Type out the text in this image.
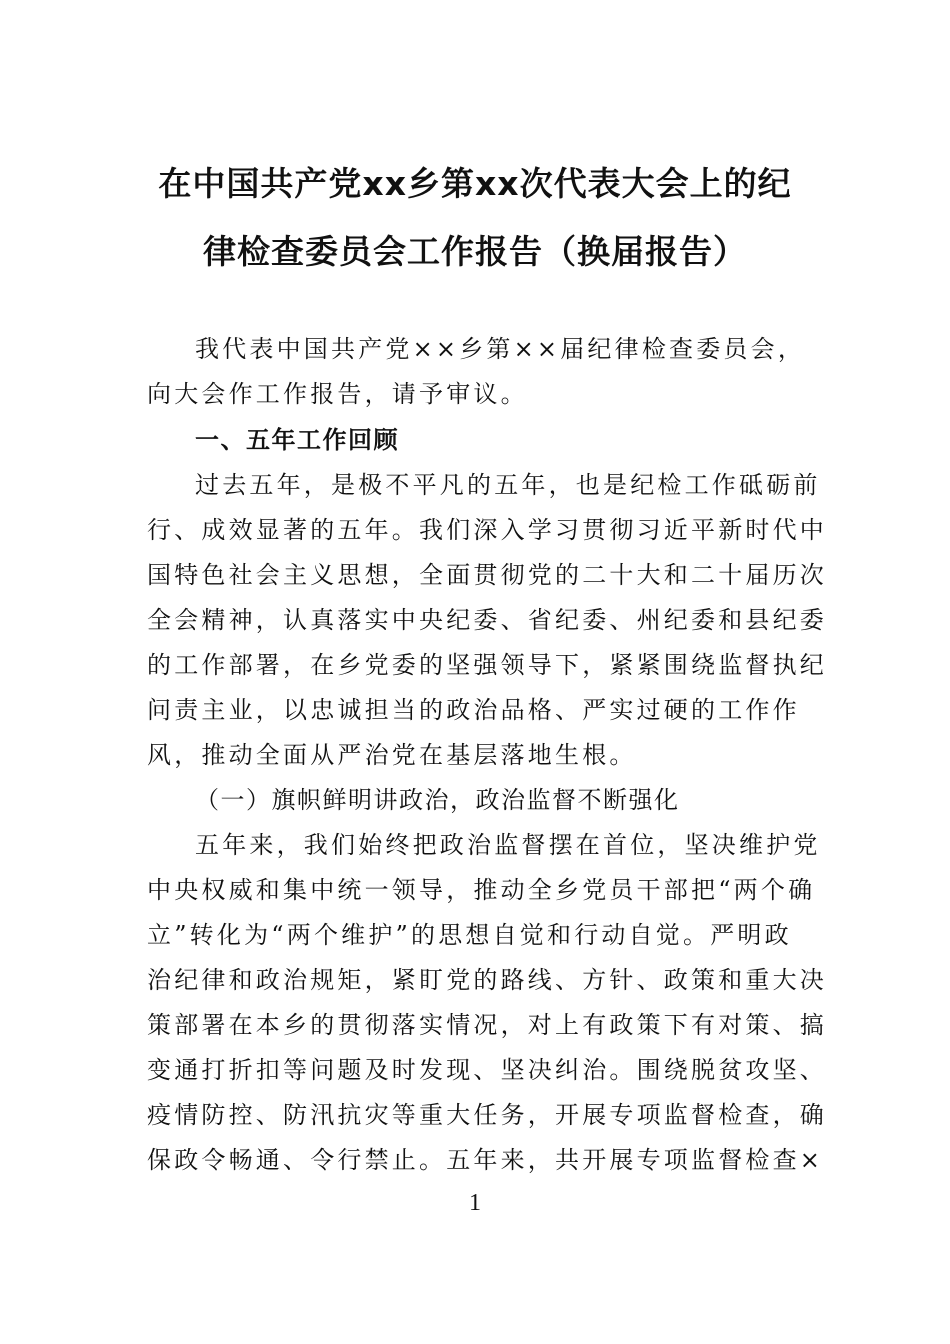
在中国共产党xx乡第xx次代表大会上的纪
律检查委员会工作报告（换届报告）
我代表中国共产党××乡第××届纪律检查委员会，
向大会作工作报告，请予审议。
一、五年工作回顾
过去五年，是极不平凡的五年，也是纪检工作砥砺前
行、成效显著的五年。我们深入学习贯彻习近平新时代中
国特色社会主义思想，全面贯彻党的二十大和二十届历次
全会精神，认真落实中央纪委、省纪委、州纪委和县纪委
的工作部署，在乡党委的坚强领导下，紧紧围绕监督执纪
问责主业，以忠诚担当的政治品格、严实过硬的工作作
风，推动全面从严治党在基层落地生根。
（一）旗帜鲜明讲政治，政治监督不断强化
五年来，我们始终把政治监督摆在首位，坚决维护党
中央权威和集中统一领导，推动全乡党员干部把“两个确
立”转化为“两个维护”的思想自觉和行动自觉。严明政
治纪律和政治规矩，紧盯党的路线、方针、政策和重大决
策部署在本乡的贯彻落实情况，对上有政策下有对策、搞
变通打折扣等问题及时发现、坚决纠治。围绕脱贫攻坚、
疫情防控、防汛抗灾等重大任务，开展专项监督检查，确
保政令畅通、令行禁止。五年来，共开展专项监督检查×
1
